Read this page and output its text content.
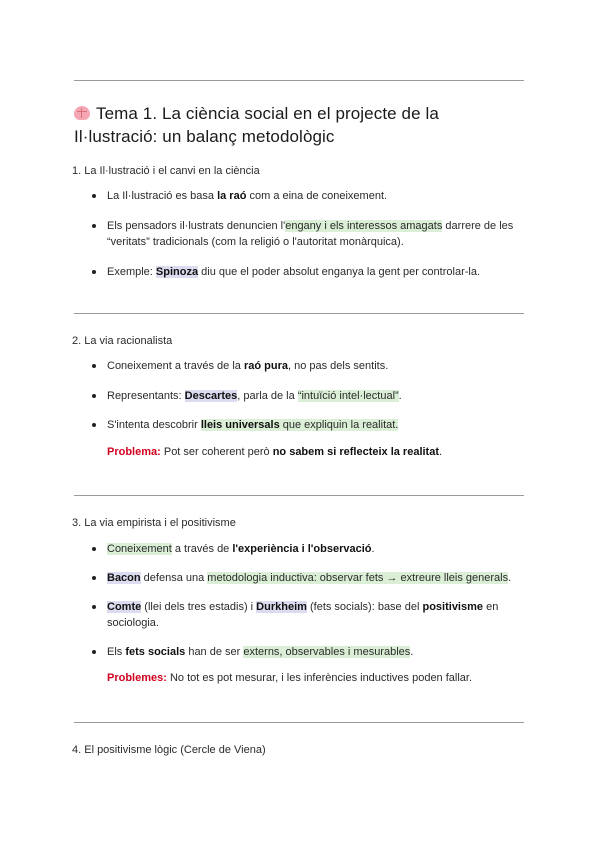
Tema 1. La ciència social en el projecte de la
Il·lustració: un balanç metodològic
1. La Il·lustració i el canvi en la ciència
La Il·lustració es basa la raó com a eina de coneixement.
Els pensadors il·lustrats denuncien l'engany i els interessos amagats darrere de les
“veritats” tradicionals (com la religió o l'autoritat monàrquica).
Exemple: Spinoza diu que el poder absolut enganya la gent per controlar-la.
2. La via racionalista
Coneixement a través de la raó pura, no pas dels sentits.
Representants: Descartes, parla de la “intuïció intel·lectual”.
S'intenta descobrir lleis universals que expliquin la realitat.
Problema: Pot ser coherent però no sabem si reflecteix la realitat.
3. La via empirista i el positivisme
Coneixement a través de l'experiència i l'observació.
Bacon defensa una metodologia inductiva: observar fets → extreure lleis generals.
Comte (llei dels tres estadis) i Durkheim (fets socials): base del positivisme en
sociologia.
Els fets socials han de ser externs, observables i mesurables.
Problemes: No tot es pot mesurar, i les inferències inductives poden fallar.
4. El positivisme lògic (Cercle de Viena)
